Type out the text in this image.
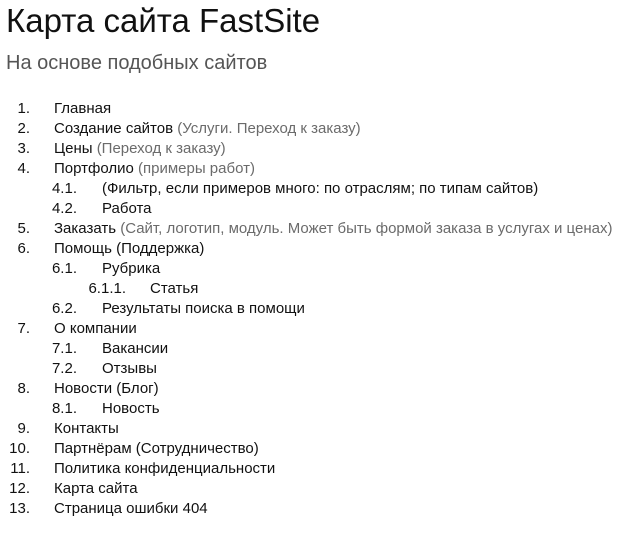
Карта сайта FastSite
На основе подобных сайтов
1. Главная
2. Создание сайтов (Услуги. Переход к заказу)
3. Цены (Переход к заказу)
4. Портфолио (примеры работ)
4.1. (Фильтр, если примеров много: по отраслям; по типам сайтов)
4.2. Работа
5. Заказать (Сайт, логотип, модуль. Может быть формой заказа в услугах и ценах)
6. Помощь (Поддержка)
6.1. Рубрика
6.1.1. Статья
6.2. Результаты поиска в помощи
7. О компании
7.1. Вакансии
7.2. Отзывы
8. Новости (Блог)
8.1. Новость
9. Контакты
10. Партнёрам (Сотрудничество)
11. Политика конфиденциальности
12. Карта сайта
13. Страница ошибки 404
